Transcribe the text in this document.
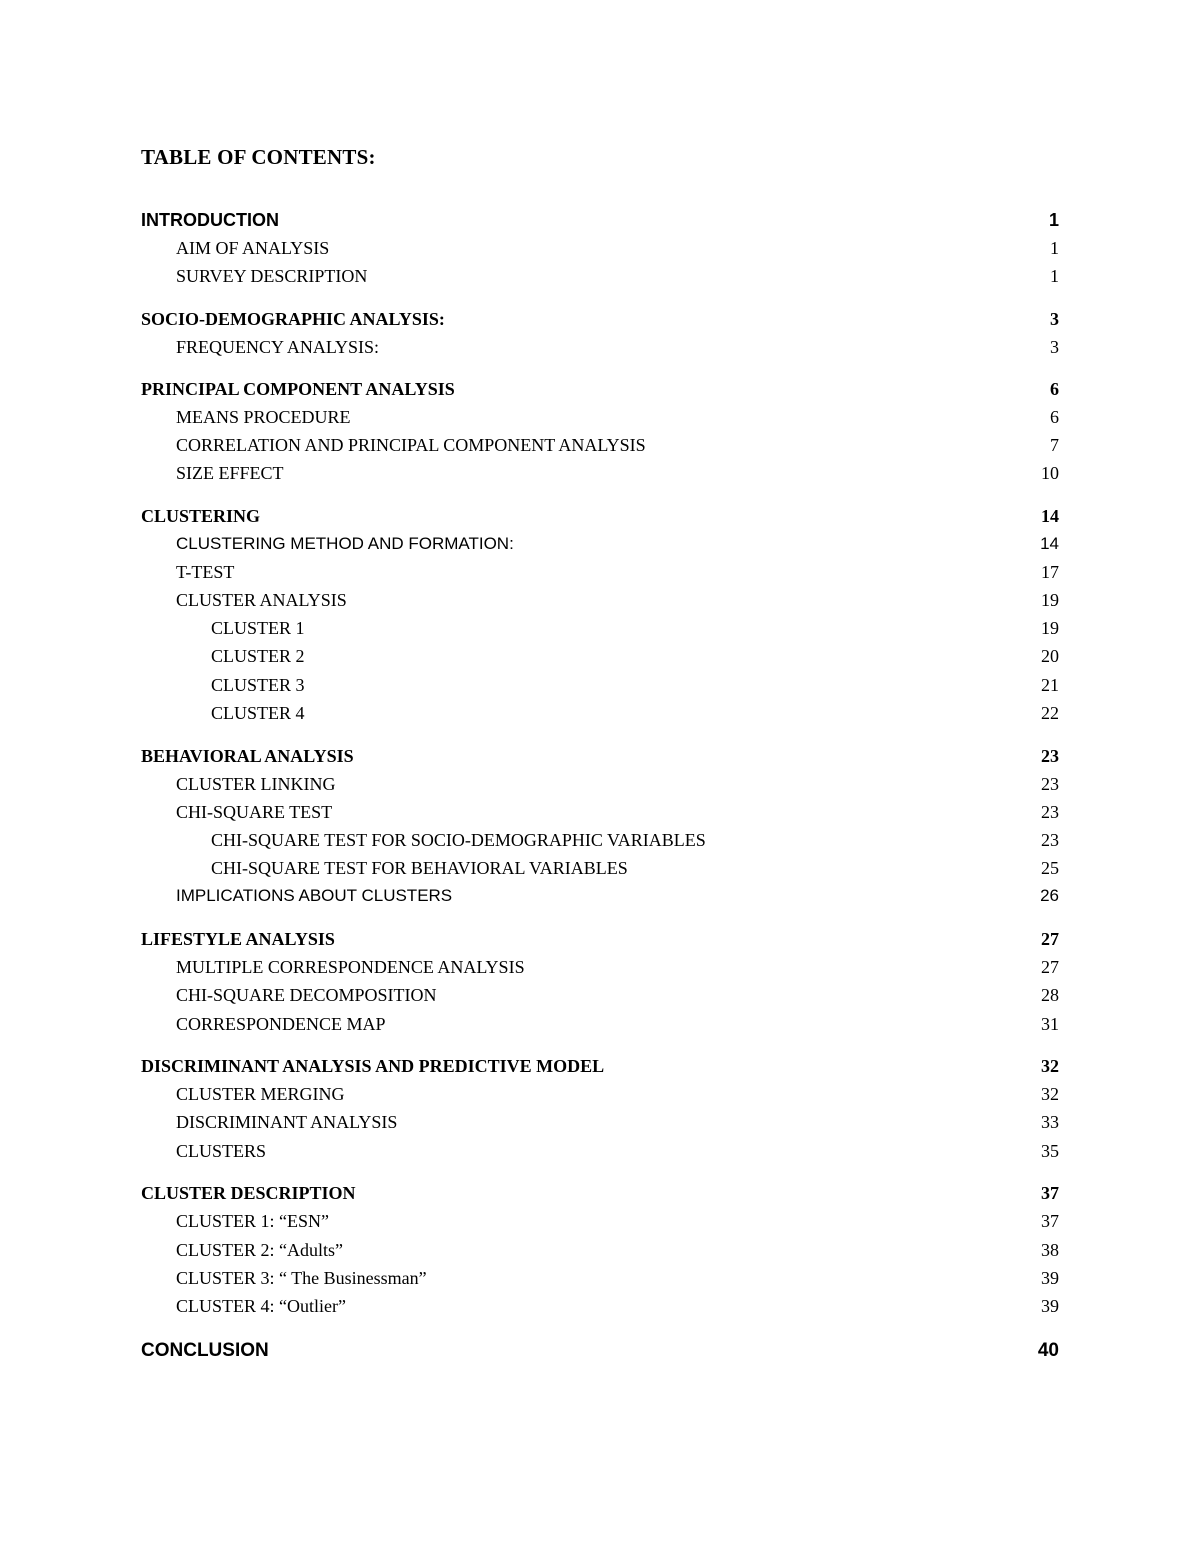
TABLE OF CONTENTS:
INTRODUCTION	1
AIM OF ANALYSIS	1
SURVEY DESCRIPTION	1
SOCIO-DEMOGRAPHIC ANALYSIS:	3
FREQUENCY ANALYSIS:	3
PRINCIPAL COMPONENT ANALYSIS	6
MEANS PROCEDURE	6
CORRELATION AND PRINCIPAL COMPONENT ANALYSIS	7
SIZE EFFECT	10
CLUSTERING	14
CLUSTERING METHOD AND FORMATION:	14
T-TEST	17
CLUSTER ANALYSIS	19
CLUSTER 1	19
CLUSTER 2	20
CLUSTER 3	21
CLUSTER 4	22
BEHAVIORAL ANALYSIS	23
CLUSTER LINKING	23
CHI-SQUARE TEST	23
CHI-SQUARE TEST FOR SOCIO-DEMOGRAPHIC VARIABLES	23
CHI-SQUARE TEST FOR BEHAVIORAL VARIABLES	25
IMPLICATIONS ABOUT CLUSTERS	26
LIFESTYLE ANALYSIS	27
MULTIPLE CORRESPONDENCE ANALYSIS	27
CHI-SQUARE DECOMPOSITION	28
CORRESPONDENCE MAP	31
DISCRIMINANT ANALYSIS AND PREDICTIVE MODEL	32
CLUSTER MERGING	32
DISCRIMINANT ANALYSIS	33
CLUSTERS	35
CLUSTER DESCRIPTION	37
CLUSTER 1: “ESN”	37
CLUSTER 2: “Adults”	38
CLUSTER 3: “ The Businessman”	39
CLUSTER 4: “Outlier”	39
CONCLUSION	40
